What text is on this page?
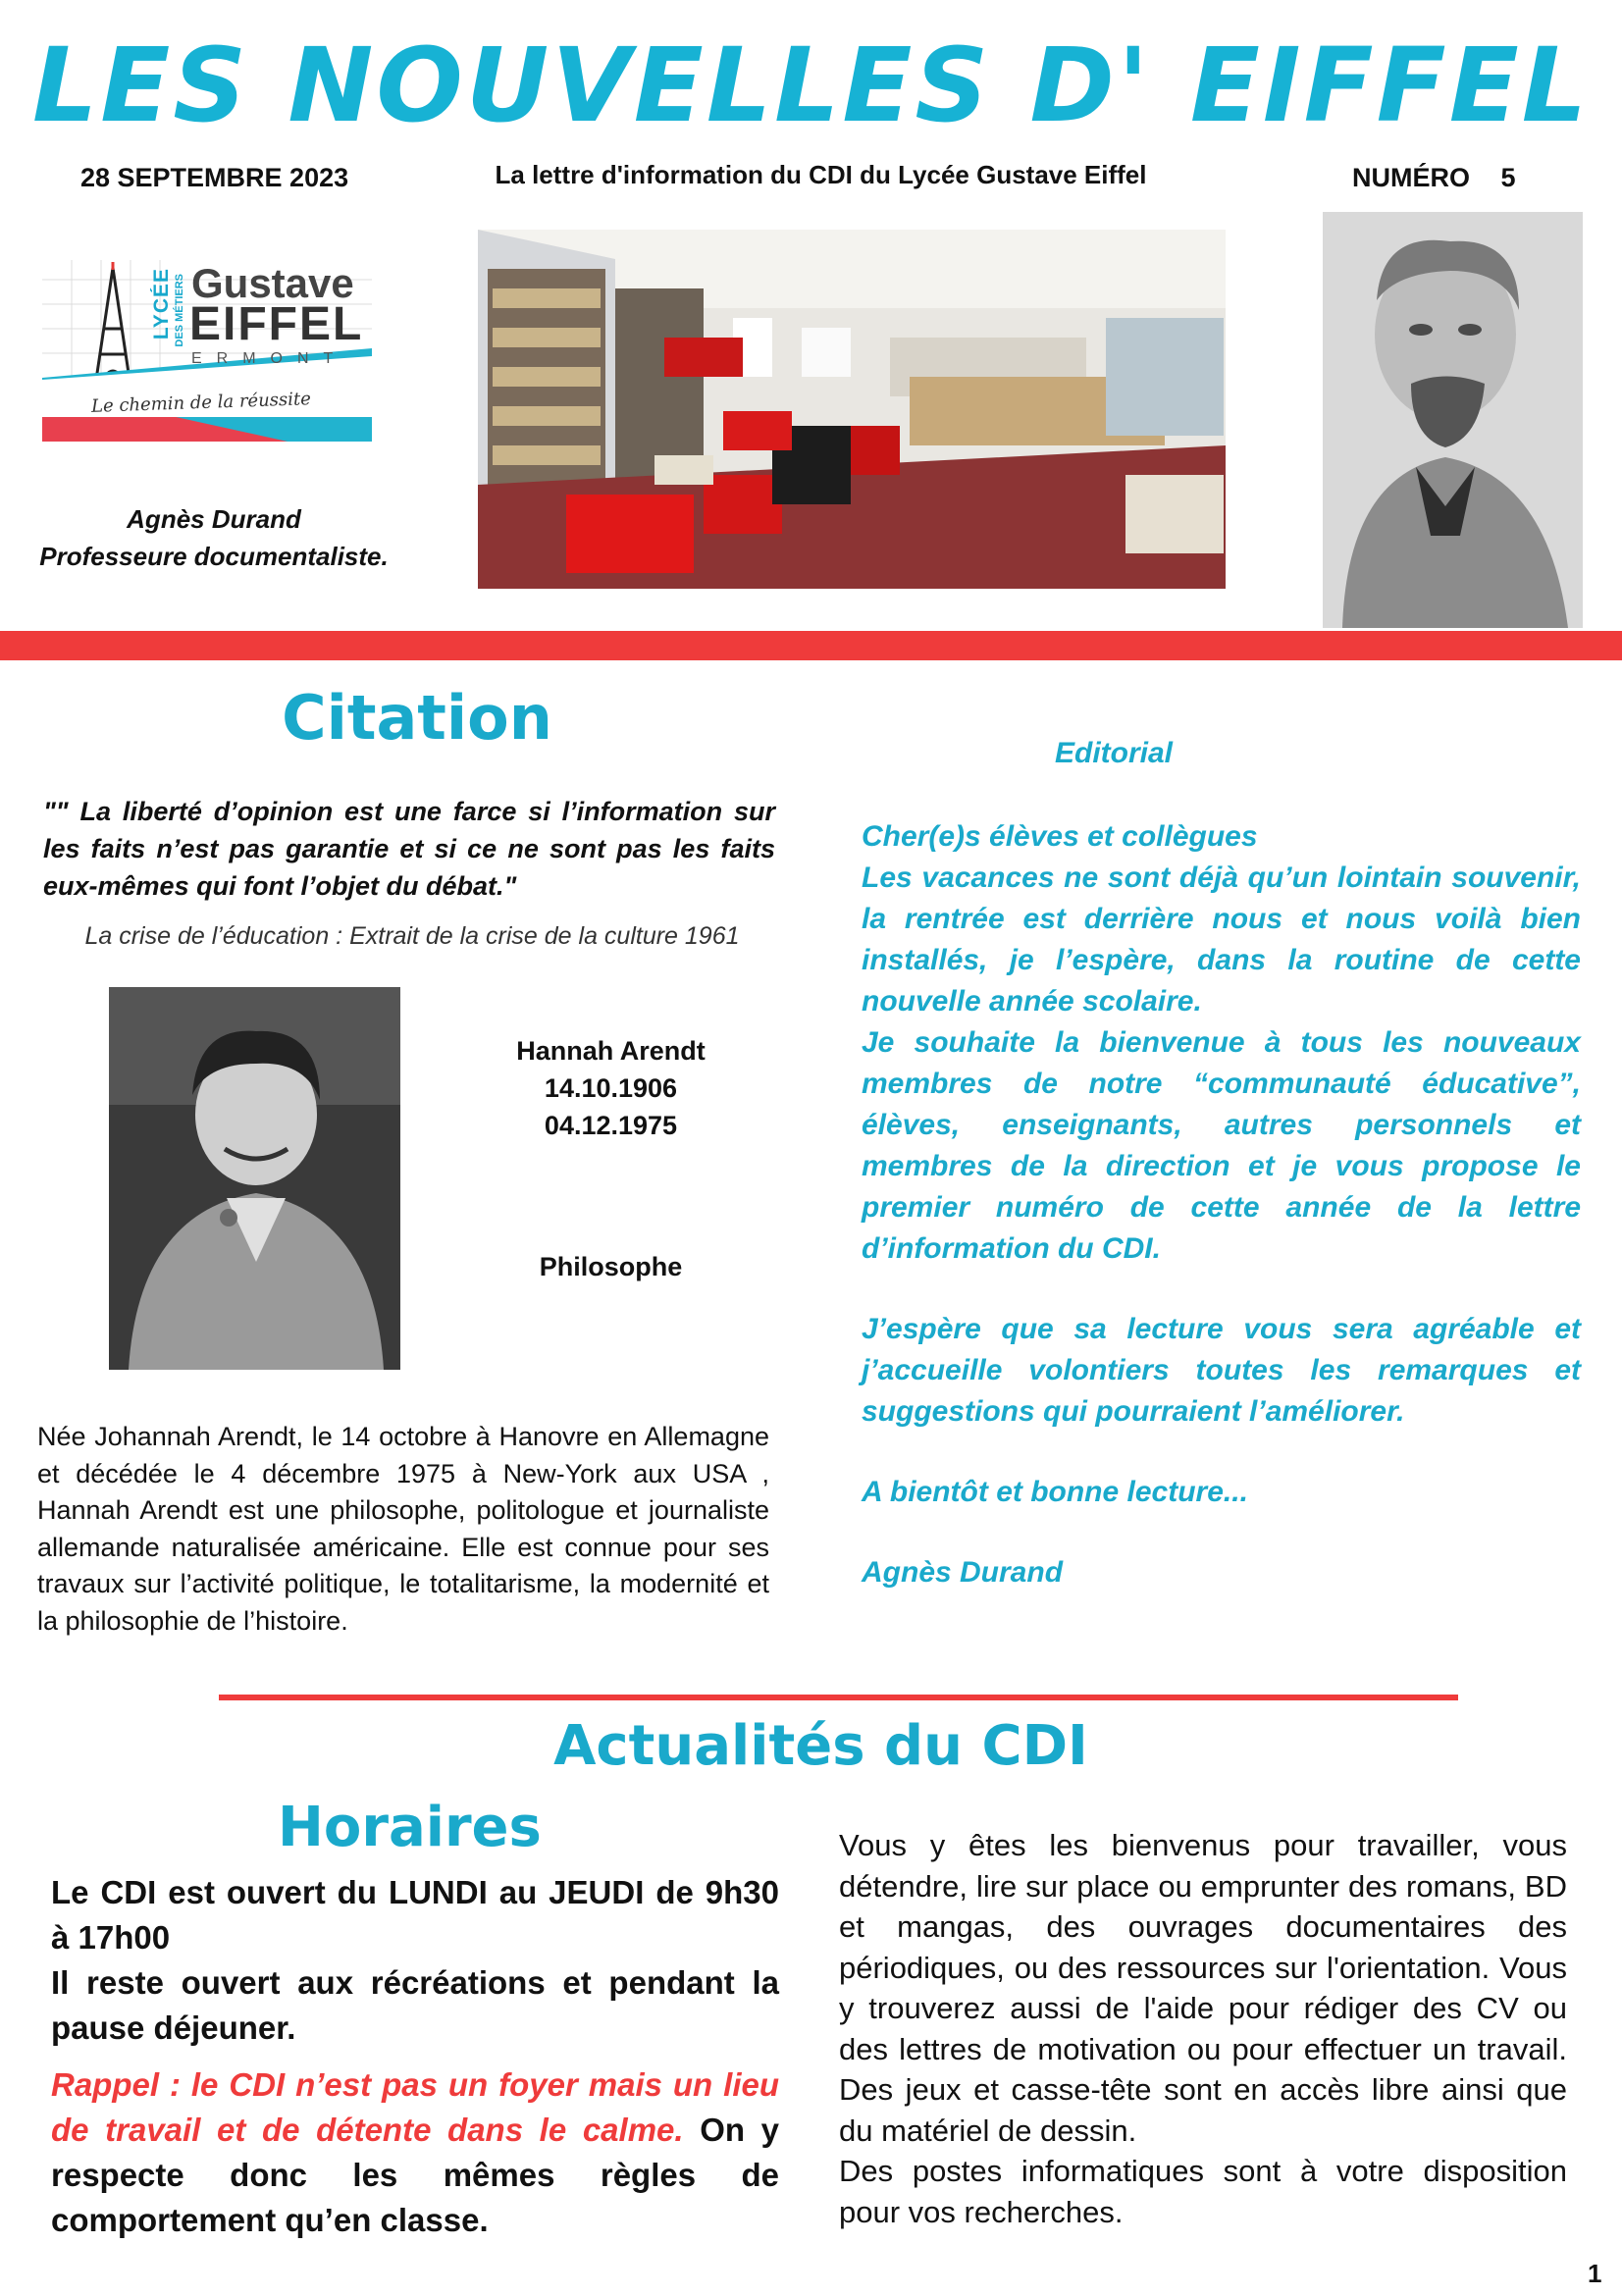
LES NOUVELLES D' EIFFEL
28 SEPTEMBRE 2023	La lettre d'information du CDI du Lycée Gustave Eiffel	NUMÉRO 5
LYCÉE DES MÉTIERS Gustave
EIFFEL
ERMONT
Le chemin de la réussite
Agnès Durand
Professeure documentaliste.
Citation
"" La liberté d’opinion est une farce si l’information sur les faits n’est pas garantie et si ce ne sont pas les faits eux-mêmes qui font l’objet du débat."
La crise de l’éducation : Extrait de la crise de la culture 1961
Hannah Arendt
14.10.1906
04.12.1975
Philosophe
Née Johannah Arendt, le 14 octobre à Hanovre en Allemagne et décédée le 4 décembre 1975 à New-York aux USA , Hannah Arendt est une philosophe, politologue et journaliste allemande naturalisée américaine. Elle est connue pour ses travaux sur l’activité politique, le totalitarisme, la modernité et la philosophie de l’histoire.
Editorial

Cher(e)s élèves et collègues

Les vacances ne sont déjà qu’un lointain souvenir, la rentrée est derrière nous et nous voilà bien installés, je l’espère, dans la routine de cette nouvelle année scolaire.

Je souhaite la bienvenue à tous les nouveaux membres de notre “communauté éducative”, élèves, enseignants, autres personnels et membres de la direction et je vous propose le premier numéro de cette année de la lettre d’information du CDI.

J’espère que sa lecture vous sera agréable et j’accueille volontiers toutes les remarques et suggestions qui pourraient l’améliorer.

A bientôt et bonne lecture...

Agnès Durand

Actualités du CDI
Horaires
Le CDI est ouvert du LUNDI au JEUDI de 9h30 à 17h00
Il reste ouvert aux récréations et pendant la pause déjeuner.
Rappel : le CDI n’est pas un foyer mais un lieu de travail et de détente dans le calme. On y respecte donc les mêmes règles de comportement qu’en classe.
Vous y êtes les bienvenus pour travailler, vous détendre, lire sur place ou emprunter des romans, BD et mangas, des ouvrages documentaires des périodiques, ou des ressources sur l'orientation. Vous y trouverez aussi de l'aide pour rédiger des CV ou des lettres de motivation ou pour effectuer un travail. Des jeux et casse-tête sont en accès libre ainsi que du matériel de dessin.
Des postes informatiques sont à votre disposition pour vos recherches.
1
